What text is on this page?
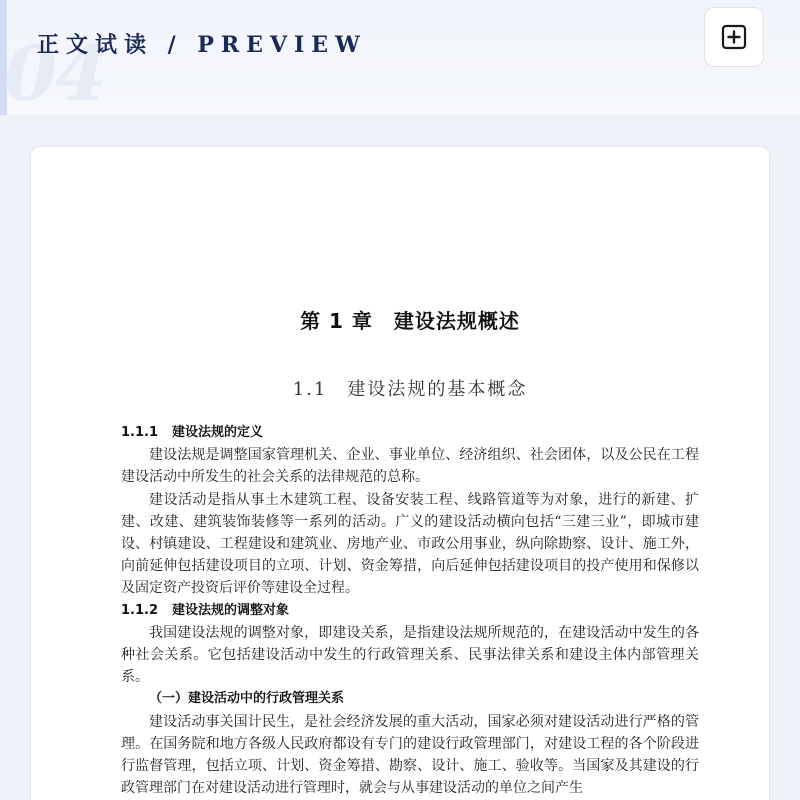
04
正文试读 / PREVIEW
第 1 章　建设法规概述
1.1　建设法规的基本概念
1.1.1 建设法规的定义

建设法规是调整国家管理机关、企业、事业单位、经济组织、社会团体，以及公民在工程建设活动中所发生的社会关系的法律规范的总称。

建设活动是指从事土木建筑工程、设备安装工程、线路管道等为对象，进行的新建、扩建、改建、建筑装饰装修等一系列的活动。广义的建设活动横向包括“三建三业”，即城市建设、村镇建设、工程建设和建筑业、房地产业、市政公用事业，纵向除勘察、设计、施工外，向前延伸包括建设项目的立项、计划、资金筹措，向后延伸包括建设项目的投产使用和保修以及固定资产投资后评价等建设全过程。

1.1.2 建设法规的调整对象

我国建设法规的调整对象，即建设关系，是指建设法规所规范的，在建设活动中发生的各种社会关系。它包括建设活动中发生的行政管理关系、民事法律关系和建设主体内部管理关系。

（一）建设活动中的行政管理关系

建设活动事关国计民生，是社会经济发展的重大活动，国家必须对建设活动进行严格的管理。在国务院和地方各级人民政府都设有专门的建设行政管理部门，对建设工程的各个阶段进行监督管理，包括立项、计划、资金筹措、勘察、设计、施工、验收等。当国家及其建设的行政管理部门在对建设活动进行管理时，就会与从事建设活动的单位之间产生
